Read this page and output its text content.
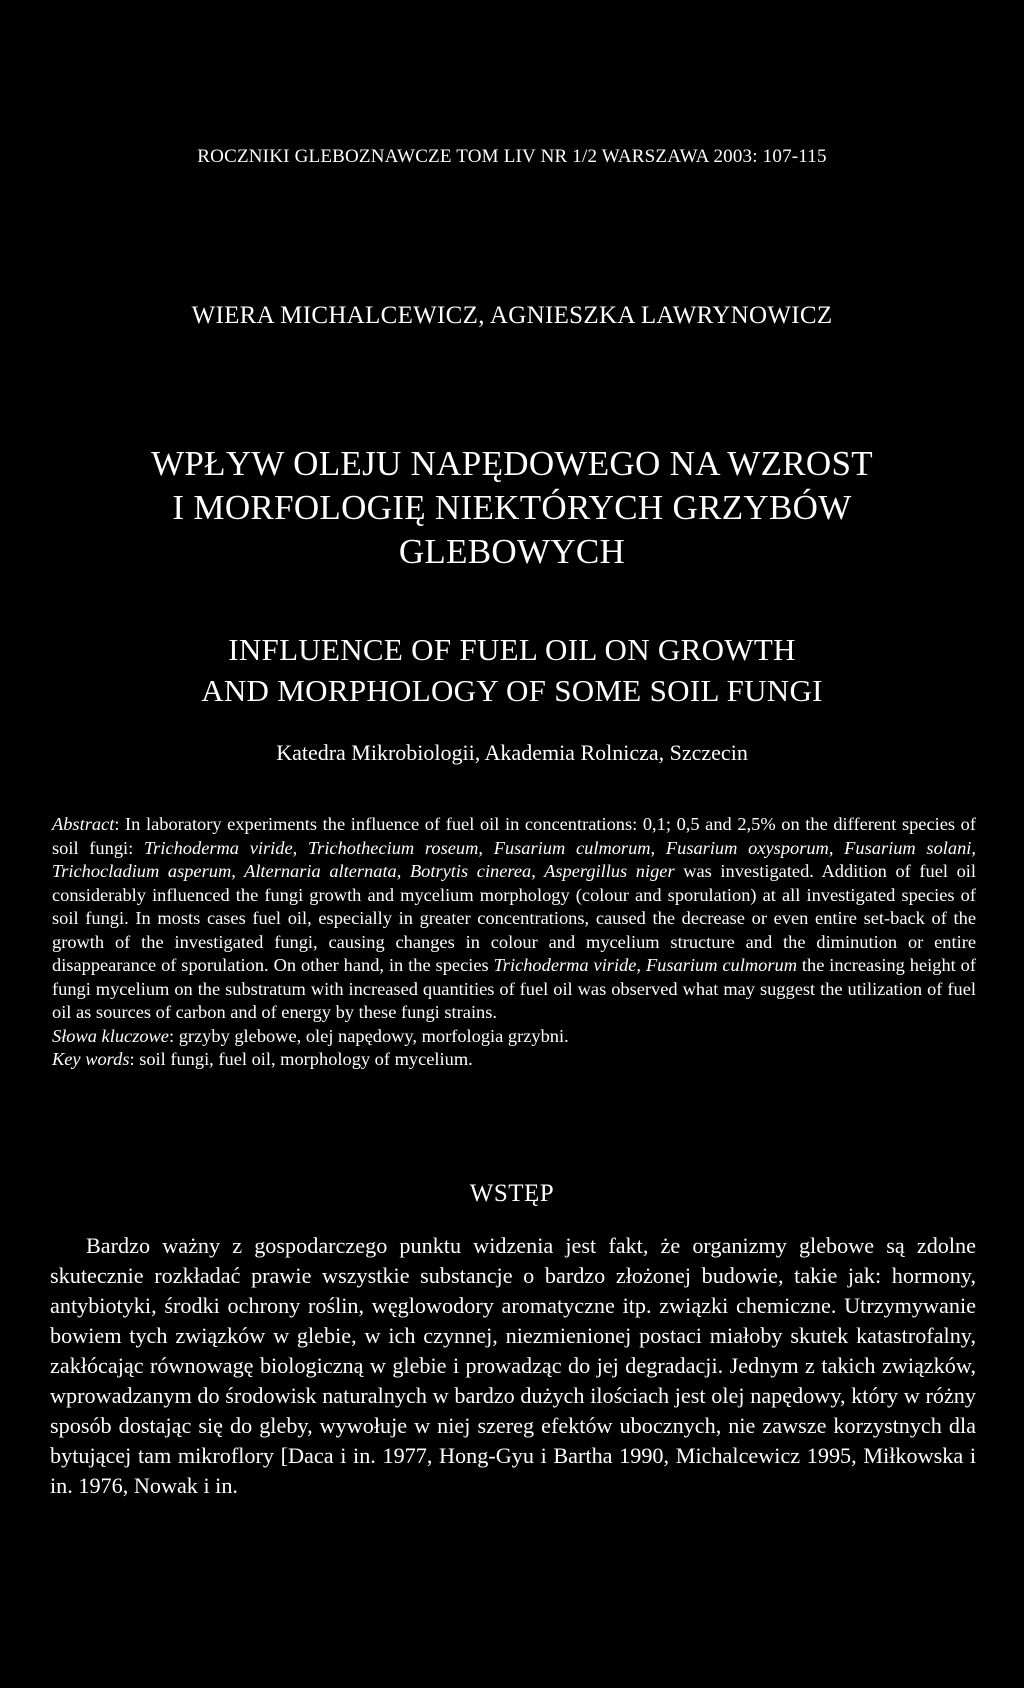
ROCZNIKI GLEBOZNAWCZE TOM LIV NR 1/2 WARSZAWA 2003: 107-115
WIERA MICHALCEWICZ, AGNIESZKA LAWRYNOWICZ
WPŁYW OLEJU NAPĘDOWEGO NA WZROST
I MORFOLOGIĘ NIEKTÓRYCH GRZYBÓW
GLEBOWYCH
INFLUENCE OF FUEL OIL ON GROWTH
AND MORPHOLOGY OF SOME SOIL FUNGI
Katedra Mikrobiologii, Akademia Rolnicza, Szczecin

Abstract: In laboratory experiments the influence of fuel oil in concentrations: 0,1; 0,5 and 2,5% on the different species of soil fungi: Trichoderma viride, Trichothecium roseum, Fusarium culmorum, Fusarium oxysporum, Fusarium solani, Trichocladium asperum, Alternaria alternata, Botrytis cinerea, Aspergillus niger was investigated. Addition of fuel oil considerably influenced the fungi growth and mycelium morphology (colour and sporulation) at all investigated species of soil fungi. In mosts cases fuel oil, especially in greater concentrations, caused the decrease or even entire set-back of the growth of the investigated fungi, causing changes in colour and mycelium structure and the diminution or entire disappearance of sporulation. On other hand, in the species Trichoderma viride, Fusarium culmorum the increasing height of fungi mycelium on the substratum with increased quantities of fuel oil was observed what may suggest the utilization of fuel oil as sources of carbon and of energy by these fungi strains.

Słowa kluczowe: grzyby glebowe, olej napędowy, morfologia grzybni.

Key words: soil fungi, fuel oil, morphology of mycelium.

WSTĘP

Bardzo ważny z gospodarczego punktu widzenia jest fakt, że organizmy glebowe są zdolne skutecznie rozkładać prawie wszystkie substancje o bardzo złożonej budowie, takie jak: hormony, antybiotyki, środki ochrony roślin, węglowodory aromatyczne itp. związki chemiczne. Utrzymywanie bowiem tych związków w glebie, w ich czynnej, niezmienionej postaci miałoby skutek katastrofalny, zakłócając równowagę biologiczną w glebie i prowadząc do jej degradacji. Jednym z takich związków, wprowadzanym do środowisk naturalnych w bardzo dużych ilościach jest olej napędowy, który w różny sposób dostając się do gleby, wywołuje w niej szereg efektów ubocznych, nie zawsze korzystnych dla bytującej tam mikroflory [Daca i in. 1977, Hong-Gyu i Bartha 1990, Michalcewicz 1995, Miłkowska i in. 1976, Nowak i in.
